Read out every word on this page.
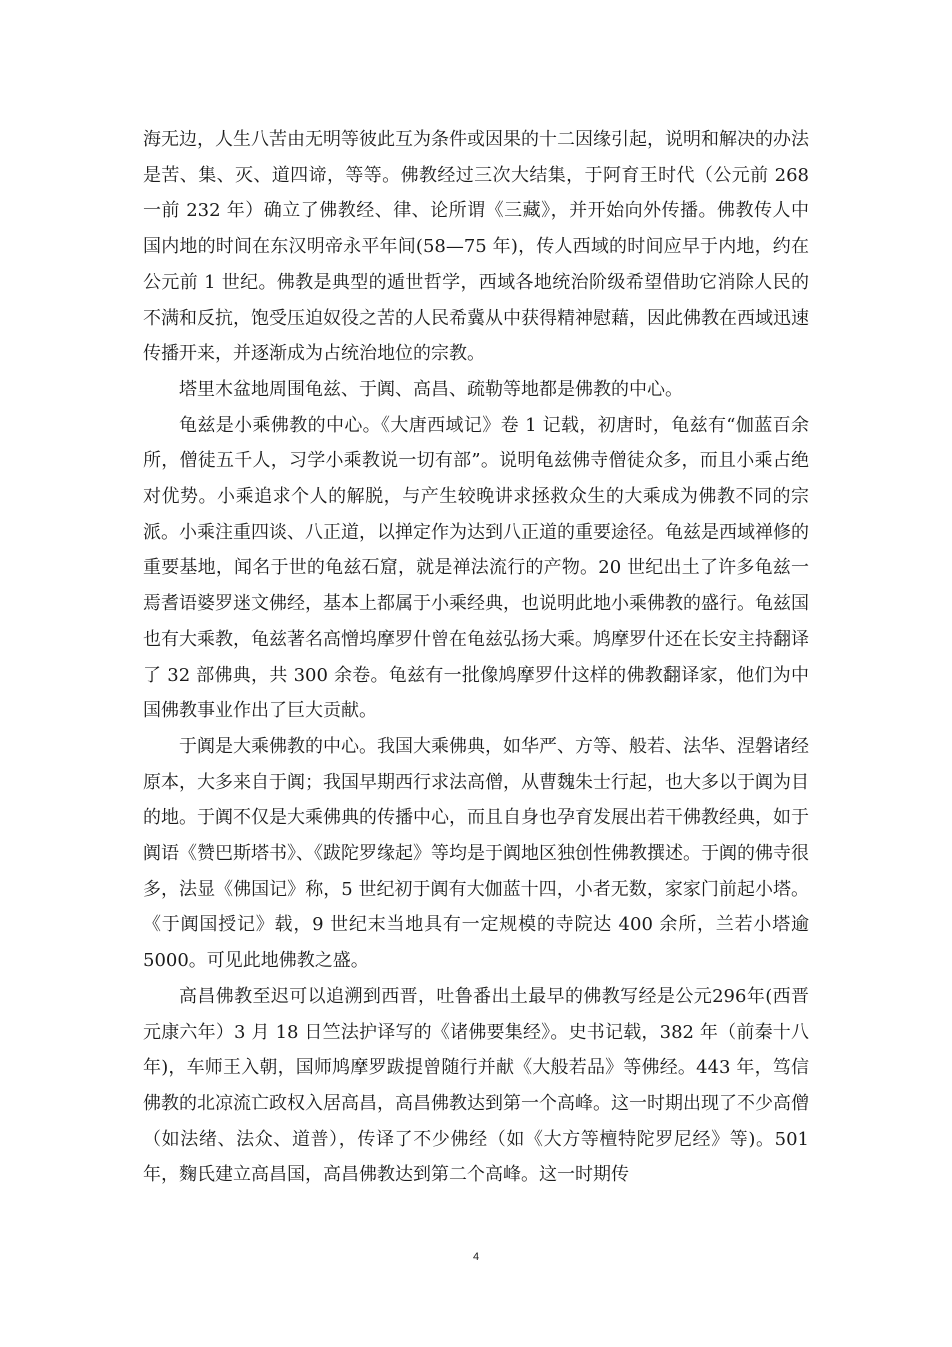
海无边，人生八苦由无明等彼此互为条件或因果的十二因缘引起，说明和解决的办法是苦、集、灭、道四谛，等等。佛教经过三次大结集，于阿育王时代（公元前 268 一前 232 年）确立了佛教经、律、论所谓《三藏》，并开始向外传播。佛教传人中国内地的时间在东汉明帝永平年间(58—75 年)，传人西域的时间应早于内地，约在公元前 1 世纪。佛教是典型的遁世哲学，西域各地统治阶级希望借助它消除人民的不满和反抗，饱受压迫奴役之苦的人民希冀从中获得精神慰藉，因此佛教在西域迅速传播开来，并逐渐成为占统治地位的宗教。

塔里木盆地周围龟兹、于阗、高昌、疏勒等地都是佛教的中心。

龟兹是小乘佛教的中心。《大唐西域记》卷 1 记载，初唐时，龟兹有“伽蓝百余所，僧徒五千人，习学小乘教说一切有部”。说明龟兹佛寺僧徒众多，而且小乘占绝对优势。小乘追求个人的解脱，与产生较晚讲求拯救众生的大乘成为佛教不同的宗派。小乘注重四谈、八正道，以掸定作为达到八正道的重要途径。龟兹是西域禅修的重要基地，闻名于世的龟兹石窟，就是禅法流行的产物。20 世纪出土了许多龟兹一焉耆语婆罗迷文佛经，基本上都属于小乘经典，也说明此地小乘佛教的盛行。龟兹国也有大乘教，龟兹著名高憎坞摩罗什曾在龟兹弘扬大乘。鸠摩罗什还在长安主持翻译了 32 部佛典，共 300 余卷。龟兹有一批像鸠摩罗什这样的佛教翻译家，他们为中国佛教事业作出了巨大贡献。

于阗是大乘佛教的中心。我国大乘佛典，如华严、方等、般若、法华、涅磐诸经原本，大多来自于阗；我国早期西行求法高僧，从曹魏朱士行起，也大多以于阗为目的地。于阗不仅是大乘佛典的传播中心，而且自身也孕育发展出若干佛教经典，如于阗语《赞巴斯塔书》、《跋陀罗缘起》等均是于阗地区独创性佛教撰述。于阗的佛寺很多，法显《佛国记》称，5 世纪初于阗有大伽蓝十四，小者无数，家家门前起小塔。《于阗国授记》载，9 世纪末当地具有一定规模的寺院达 400 余所，兰若小塔逾 5000。可见此地佛教之盛。

高昌佛教至迟可以追溯到西晋，吐鲁番出土最早的佛教写经是公元296年(西晋元康六年）3 月 18 日竺法护译写的《诸佛要集经》。史书记载，382 年（前秦十八年)，车师王入朝，国师鸠摩罗跋提曾随行并献《大般若品》等佛经。443 年，笃信佛教的北凉流亡政权入居高昌，高昌佛教达到第一个高峰。这一时期出现了不少高僧（如法绪、法众、道普），传译了不少佛经（如《大方等檀特陀罗尼经》等)。501 年，麴氏建立高昌国，高昌佛教达到第二个高峰。这一时期传

4
